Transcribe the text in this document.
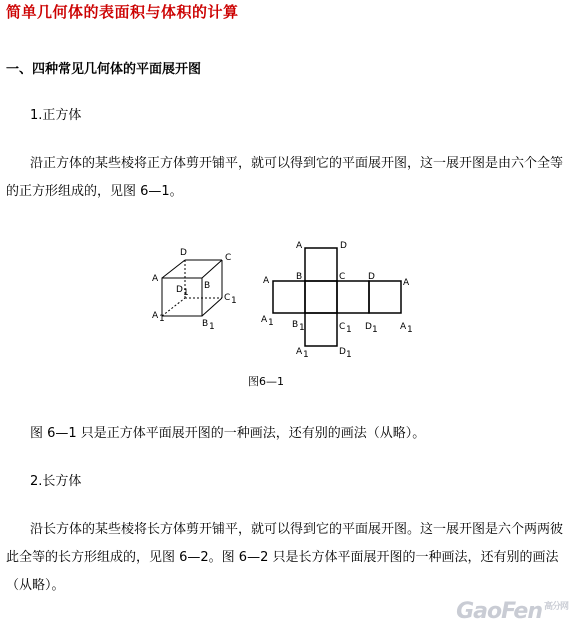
简单几何体的表面积与体积的计算
一、四种常见几何体的平面展开图
1.正方体
沿正方体的某些棱将正方体剪开铺平，就可以得到它的平面展开图，这一展开图是由六个全等的正方形组成的，见图 6—1。
D	C
A
B
D 1	C 1
A 1	B 1
A	D
A	B	C	D
A
A 1 B 1	C 1 D 1 A 1
A 1	D 1
图6—1
图 6—1 只是正方体平面展开图的一种画法，还有别的画法（从略）。
2.长方体
沿长方体的某些棱将长方体剪开铺平，就可以得到它的平面展开图。这一展开图是六个两两彼此全等的长方形组成的，见图 6—2。图 6—2 只是长方体平面展开图的一种画法，还有别的画法（从略）。
GaoFen $^{高分网}$
